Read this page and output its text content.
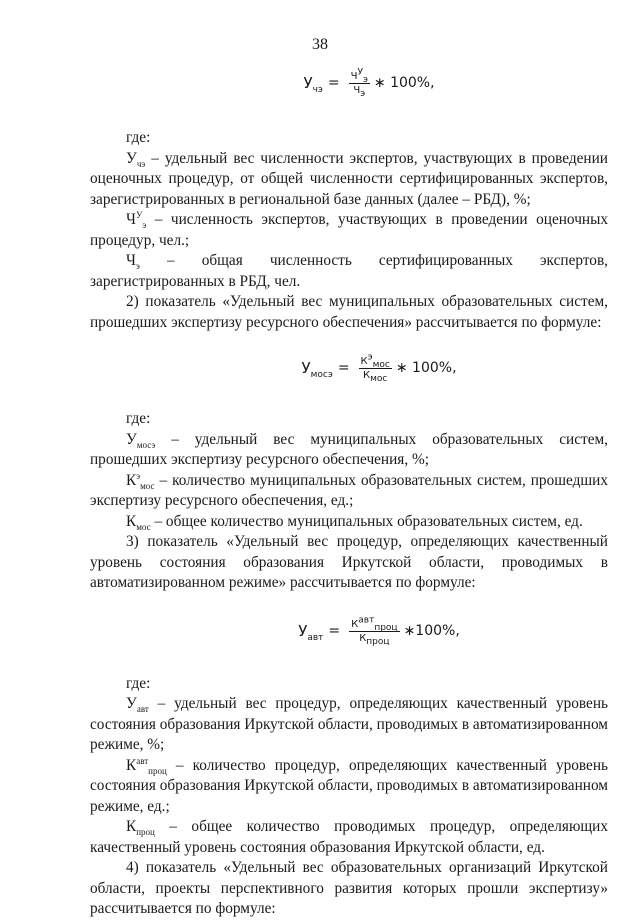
38
$У_{чэ} = \frac{Ч^У_э}{Ч_э}$ ∗ 100%,

где:

$У_{чэ}$ – удельный вес численности экспертов, участвующих в проведении оценочных процедур, от общей численности сертифицированных экспертов, зарегистрированных в региональной базе данных (далее – РБД), %;

$Ч^У_э$ – численность экспертов, участвующих в проведении оценочных процедур, чел.;

$Ч_э$ – общая численность сертифицированных экспертов,

зарегистрированных в РБД, чел.

2) показатель «Удельный вес муниципальных образовательных систем, прошедших экспертизу ресурсного обеспечения» рассчитывается по формуле:

$У_{мосэ} = \frac{К^э_{мос}}{К_{мос}}$ ∗ 100%,

где:

$У_{мосэ}$ – удельный вес муниципальных образовательных систем, прошедших экспертизу ресурсного обеспечения, %;

$К^э_{мос}$ – количество муниципальных образовательных систем, прошедших экспертизу ресурсного обеспечения, ед.;

$К_{мос}$ – общее количество муниципальных образовательных систем, ед.

3) показатель «Удельный вес процедур, определяющих качественный уровень состояния образования Иркутской области, проводимых в автоматизированном режиме» рассчитывается по формуле:

$У_{авт} = \frac{К^{авт}_{проц}}{К_{проц}}$ ∗100%,

где:

$У_{авт}$ – удельный вес процедур, определяющих качественный уровень состояния образования Иркутской области, проводимых в автоматизированном режиме, %;

$К^{авт}_{проц}$ – количество процедур, определяющих качественный уровень состояния образования Иркутской области, проводимых в автоматизированном режиме, ед.;

$К_{проц}$ – общее количество проводимых процедур, определяющих качественный уровень состояния образования Иркутской области, ед.

4) показатель «Удельный вес образовательных организаций Иркутской области, проекты перспективного развития которых прошли экспертизу» рассчитывается по формуле:
